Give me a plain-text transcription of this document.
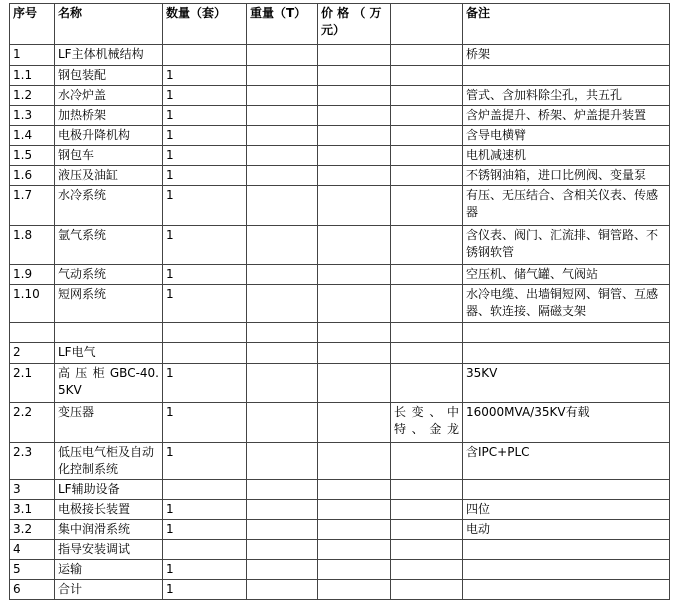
序号	名称	数量（套）	重量（T）	价 格 （ 万元）		备注
1	LF主体机械结构					桥架
1.1	钢包装配	1				
1.2	水冷炉盖	1				管式、含加料除尘孔，共五孔
1.3	加热桥架	1				含炉盖提升、桥架、炉盖提升装置
1.4	电极升降机构	1				含导电横臂
1.5	钢包车	1				电机减速机
1.6	液压及油缸	1				不锈钢油箱，进口比例阀、变量泵
1.7	水冷系统	1				有压、无压结合、含相关仪表、传感器
1.8	氩气系统	1				含仪表、阀门、汇流排、铜管路、不锈钢软管
1.9	气动系统	1				空压机、储气罐、气阀站
1.10	短网系统	1				水冷电缆、出墙铜短网、铜管、互感器、软连接、隔磁支架

2	LF电气					
2.1	高 压 柜 GBC-40.5KV	1				35KV
2.2	变压器	1			长 变 、 中特、金龙	16000MVA/35KV有载
2.3	低压电气柜及自动化控制系统	1				含IPC+PLC
3	LF辅助设备					
3.1	电极接长装置	1				四位
3.2	集中润滑系统	1				电动
4	指导安装调试					
5	运输	1				
6	合计	1				
